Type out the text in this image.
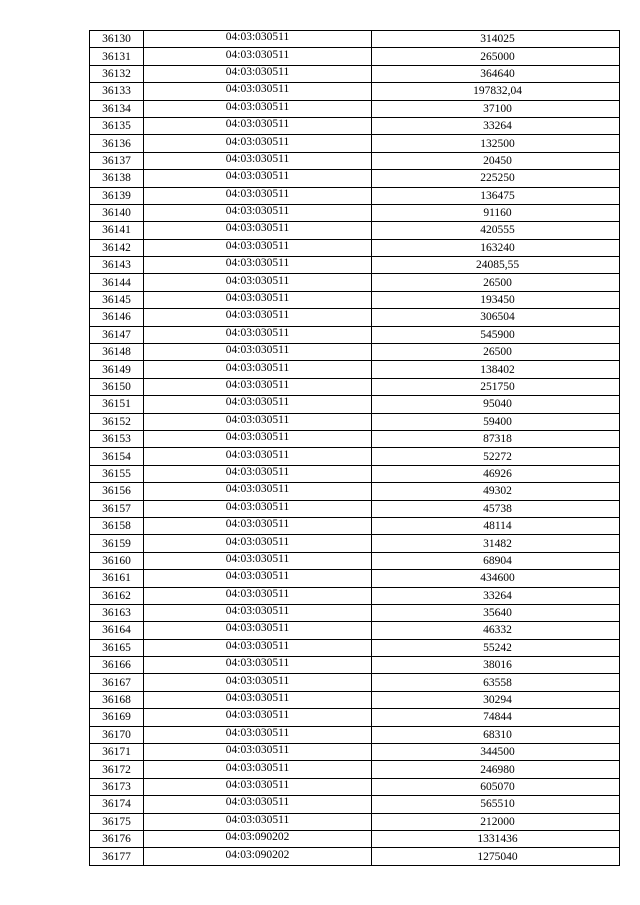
36130	04:03:030511	314025
36131	04:03:030511	265000
36132	04:03:030511	364640
36133	04:03:030511	197832,04
36134	04:03:030511	37100
36135	04:03:030511	33264
36136	04:03:030511	132500
36137	04:03:030511	20450
36138	04:03:030511	225250
36139	04:03:030511	136475
36140	04:03:030511	91160
36141	04:03:030511	420555
36142	04:03:030511	163240
36143	04:03:030511	24085,55
36144	04:03:030511	26500
36145	04:03:030511	193450
36146	04:03:030511	306504
36147	04:03:030511	545900
36148	04:03:030511	26500
36149	04:03:030511	138402
36150	04:03:030511	251750
36151	04:03:030511	95040
36152	04:03:030511	59400
36153	04:03:030511	87318
36154	04:03:030511	52272
36155	04:03:030511	46926
36156	04:03:030511	49302
36157	04:03:030511	45738
36158	04:03:030511	48114
36159	04:03:030511	31482
36160	04:03:030511	68904
36161	04:03:030511	434600
36162	04:03:030511	33264
36163	04:03:030511	35640
36164	04:03:030511	46332
36165	04:03:030511	55242
36166	04:03:030511	38016
36167	04:03:030511	63558
36168	04:03:030511	30294
36169	04:03:030511	74844
36170	04:03:030511	68310
36171	04:03:030511	344500
36172	04:03:030511	246980
36173	04:03:030511	605070
36174	04:03:030511	565510
36175	04:03:030511	212000
36176	04:03:090202	1331436
36177	04:03:090202	1275040
